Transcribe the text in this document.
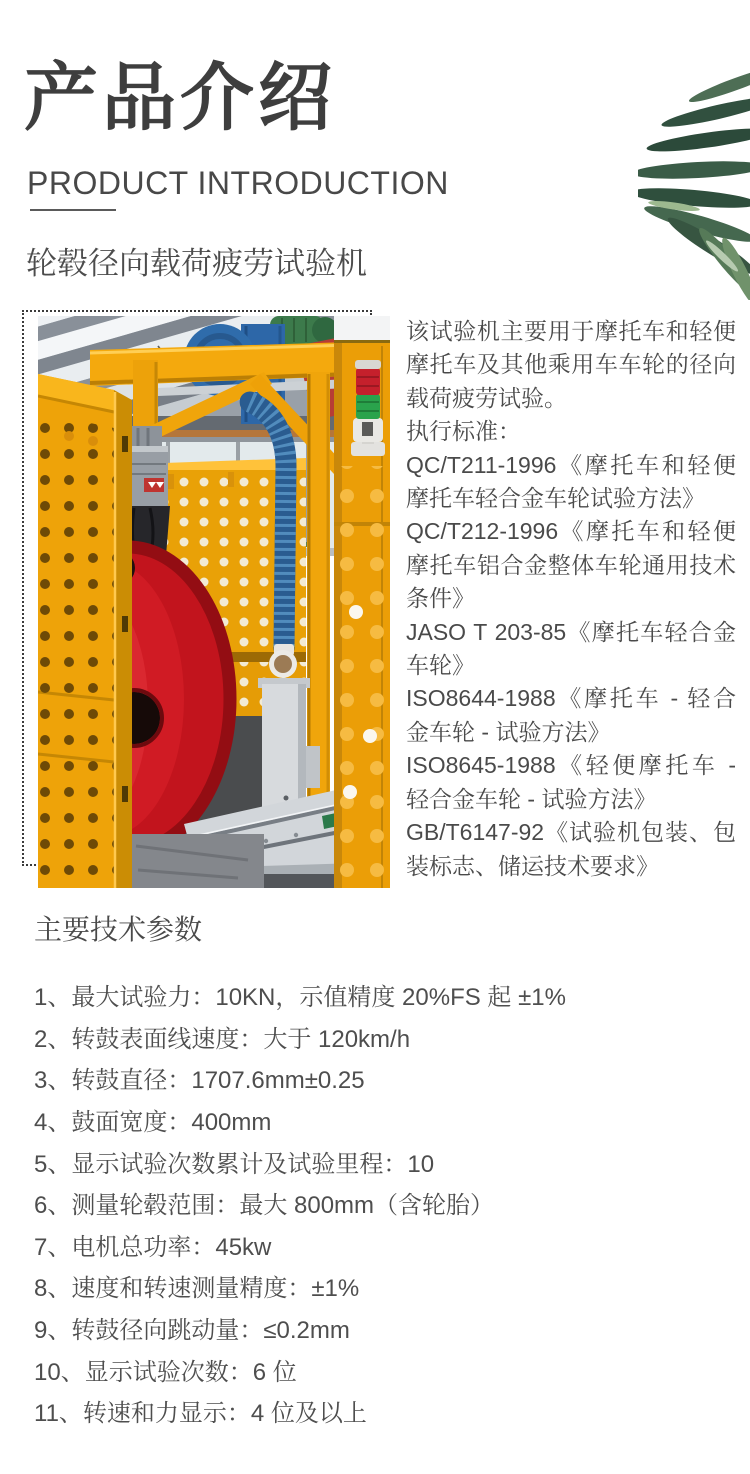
产品介绍
PRODUCT INTRODUCTION
轮毂径向载荷疲劳试验机
该试验机主要用于摩托车和轻便
摩托车及其他乘用车车轮的径向
载荷疲劳试验。
执行标准：
QC/T211-1996《摩托车和轻便
摩托车轻合金车轮试验方法》
QC/T212-1996《摩托车和轻便
摩托车铝合金整体车轮通用技术
条件》
JASO T 203-85《摩托车轻合金
车轮》
ISO8644-1988《摩托车 - 轻合
金车轮 - 试验方法》
ISO8645-1988《轻便摩托车 -
轻合金车轮 - 试验方法》
GB/T6147-92《试验机包装、包
装标志、储运技术要求》
主要技术参数
1、最大试验力：10KN，示值精度 20%FS 起 ±1%
2、转鼓表面线速度：大于 120km/h
3、转鼓直径：1707.6mm±0.25
4、鼓面宽度：400mm
5、显示试验次数累计及试验里程：10
6、测量轮毂范围：最大 800mm（含轮胎）
7、电机总功率：45kw
8、速度和转速测量精度：±1%
9、转鼓径向跳动量：≤0.2mm
10、显示试验次数：6 位
11、转速和力显示：4 位及以上
